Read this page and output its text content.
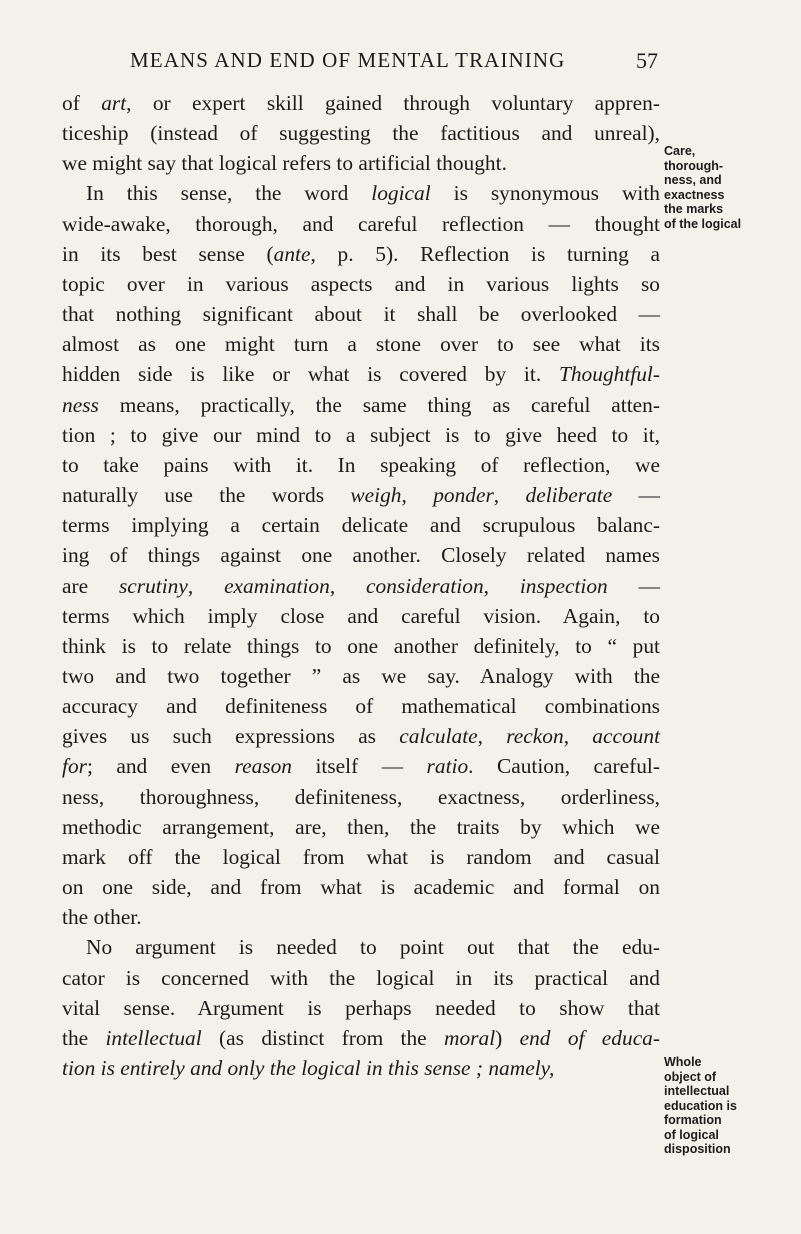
MEANS AND END OF MENTAL TRAINING	57
of art, or expert skill gained through voluntary appren-
ticeship (instead of suggesting the factitious and unreal),
we might say that logical refers to artificial thought.
In this sense, the word logical is synonymous with
wide-awake, thorough, and careful reflection — thought
in its best sense (ante, p. 5). Reflection is turning a
topic over in various aspects and in various lights so
that nothing significant about it shall be overlooked —
almost as one might turn a stone over to see what its
hidden side is like or what is covered by it. Thoughtful-
ness means, practically, the same thing as careful atten-
tion ; to give our mind to a subject is to give heed to it,
to take pains with it. In speaking of reflection, we
naturally use the words weigh, ponder, deliberate —
terms implying a certain delicate and scrupulous balanc-
ing of things against one another. Closely related names
are scrutiny, examination, consideration, inspection —
terms which imply close and careful vision. Again, to
think is to relate things to one another definitely, to “ put
two and two together ” as we say. Analogy with the
accuracy and definiteness of mathematical combinations
gives us such expressions as calculate, reckon, account
for; and even reason itself — ratio. Caution, careful-
ness, thoroughness, definiteness, exactness, orderliness,
methodic arrangement, are, then, the traits by which we
mark off the logical from what is random and casual
on one side, and from what is academic and formal on
the other.
No argument is needed to point out that the edu-
cator is concerned with the logical in its practical and
vital sense. Argument is perhaps needed to show that
the intellectual (as distinct from the moral) end of educa-
tion is entirely and only the logical in this sense ; namely,
Care,
thorough-
ness, and
exactness
the marks
of the logical
Whole
object of
intellectual
education is
formation
of logical
disposition
